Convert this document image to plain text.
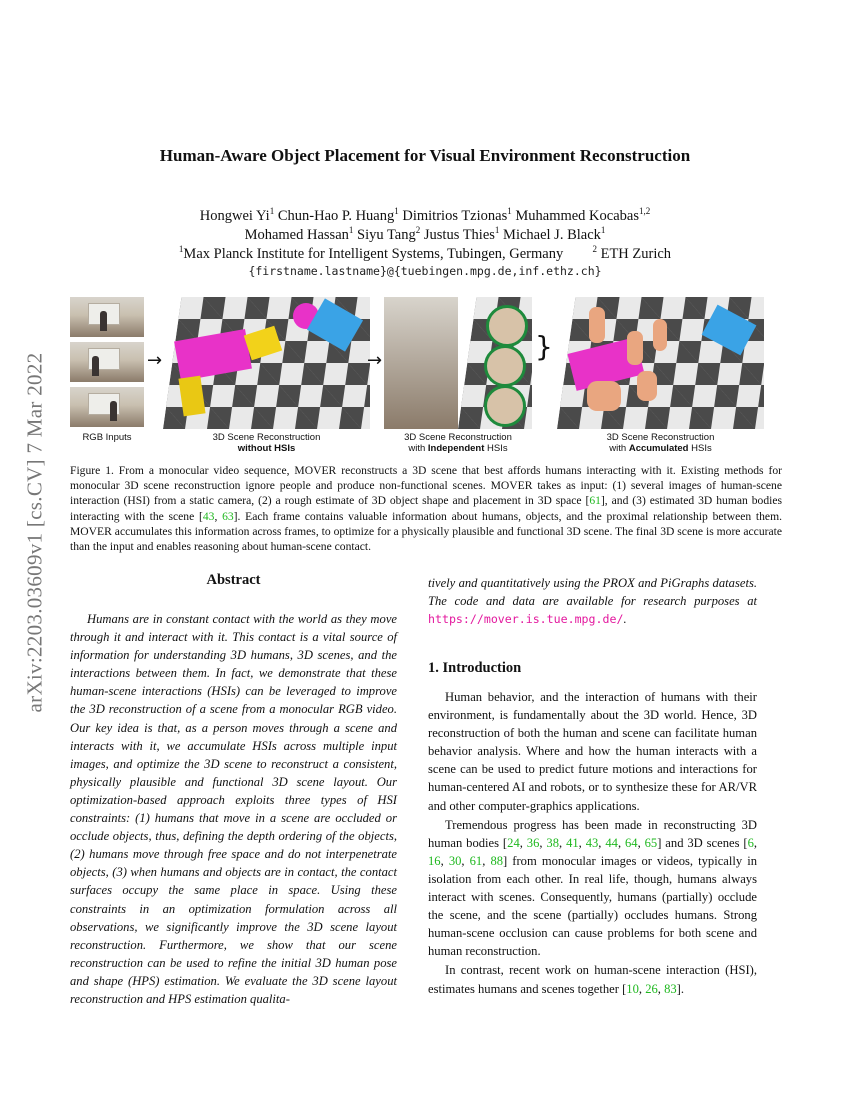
Human-Aware Object Placement for Visual Environment Reconstruction
Hongwei Yi$^1$ Chun-Hao P. Huang$^1$ Dimitrios Tzionas$^1$ Muhammed Kocabas$^{1,2}$
Mohamed Hassan$^1$ Siyu Tang$^2$ Justus Thies$^1$ Michael J. Black$^1$
$^1$Max Planck Institute for Intelligent Systems, Tubingen, Germany	$^2$ ETH Zurich
{firstname.lastname}@{tuebingen.mpg.de,inf.ethz.ch}
arXiv:2203.03609v1 [cs.CV] 7 Mar 2022	→	→	}
RGB Inputs	3D Scene Reconstruction
without HSIs
3D Scene Reconstruction
with Independent HSIs
3D Scene Reconstruction
with Accumulated HSIs
Figure 1. From a monocular video sequence, MOVER reconstructs a 3D scene that best affords humans interacting with it. Existing methods for monocular 3D scene reconstruction ignore people and produce non-functional scenes. MOVER takes as input: (1) several images of human-scene interaction (HSI) from a static camera, (2) a rough estimate of 3D object shape and placement in 3D space [61], and (3) estimated 3D human bodies interacting with the scene [43, 63]. Each frame contains valuable information about humans, objects, and the proximal relationship between them. MOVER accumulates this information across frames, to optimize for a physically plausible and functional 3D scene. The final 3D scene is more accurate than the input and enables reasoning about human-scene contact.
Abstract

Humans are in constant contact with the world as they move through it and interact with it. This contact is a vital source of information for understanding 3D humans, 3D scenes, and the interactions between them. In fact, we demonstrate that these human-scene interactions (HSIs) can be leveraged to improve the 3D reconstruction of a scene from a monocular RGB video. Our key idea is that, as a person moves through a scene and interacts with it, we accumulate HSIs across multiple input images, and optimize the 3D scene to reconstruct a consistent, physically plausible and functional 3D scene layout. Our optimization-based approach exploits three types of HSI constraints: (1) humans that move in a scene are occluded or occlude objects, thus, defining the depth ordering of the objects, (2) humans move through free space and do not interpenetrate objects, (3) when humans and objects are in contact, the contact surfaces occupy the same place in space. Using these constraints in an optimization formulation across all observations, we significantly improve the 3D scene layout reconstruction. Furthermore, we show that our scene reconstruction can be used to refine the initial 3D human pose and shape (HPS) estimation. We evaluate the 3D scene layout reconstruction and HPS estimation qualita-

tively and quantitatively using the PROX and PiGraphs datasets. The code and data are available for research purposes at https://mover.is.tue.mpg.de/.
1. Introduction

Human behavior, and the interaction of humans with their environment, is fundamentally about the 3D world. Hence, 3D reconstruction of both the human and scene can facilitate human behavior analysis. Where and how the human interacts with a scene can be used to predict future motions and interactions for human-centered AI and robots, or to synthesize these for AR/VR and other computer-graphics applications.

Tremendous progress has been made in reconstructing 3D human bodies [24, 36, 38, 41, 43, 44, 64, 65] and 3D scenes [6, 16, 30, 61, 88] from monocular images or videos, typically in isolation from each other. In real life, though, humans always interact with scenes. Consequently, humans (partially) occlude the scene, and the scene (partially) occludes humans. Strong human-scene occlusion can cause problems for both scene and human reconstruction.

In contrast, recent work on human-scene interaction (HSI), estimates humans and scenes together [10, 26, 83].
